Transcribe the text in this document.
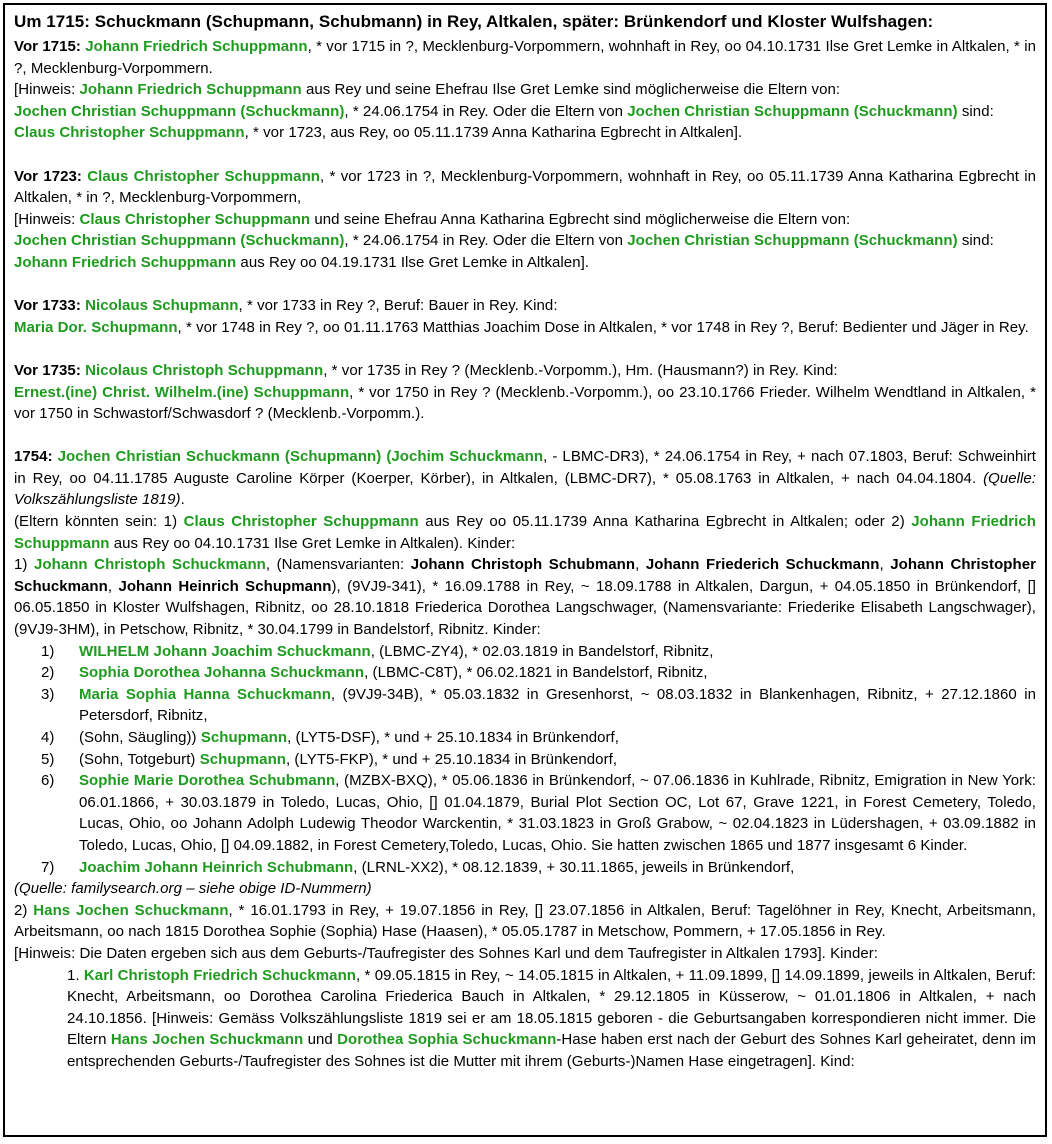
Um 1715: Schuckmann (Schupmann, Schubmann) in Rey, Altkalen, später: Brünkendorf und Kloster Wulfshagen:
Vor 1715: Johann Friedrich Schuppmann, * vor 1715 in ?, Mecklenburg-Vorpommern, wohnhaft in Rey, oo 04.10.1731 Ilse Gret Lemke in Altkalen, * in ?, Mecklenburg-Vorpommern.
[Hinweis: Johann Friedrich Schuppmann aus Rey und seine Ehefrau Ilse Gret Lemke sind möglicherweise die Eltern von:
Jochen Christian Schuppmann (Schuckmann), * 24.06.1754 in Rey. Oder die Eltern von Jochen Christian Schuppmann (Schuckmann) sind:
Claus Christopher Schuppmann, * vor 1723, aus Rey, oo 05.11.1739 Anna Katharina Egbrecht in Altkalen].
Vor 1723: Claus Christopher Schuppmann, * vor 1723 in ?, Mecklenburg-Vorpommern, wohnhaft in Rey, oo 05.11.1739 Anna Katharina Egbrecht in Altkalen, * in ?, Mecklenburg-Vorpommern,
[Hinweis: Claus Christopher Schuppmann und seine Ehefrau Anna Katharina Egbrecht sind möglicherweise die Eltern von:
Jochen Christian Schuppmann (Schuckmann), * 24.06.1754 in Rey. Oder die Eltern von Jochen Christian Schuppmann (Schuckmann) sind:
Johann Friedrich Schuppmann aus Rey oo 04.19.1731 Ilse Gret Lemke in Altkalen].
Vor 1733: Nicolaus Schupmann, * vor 1733 in Rey ?, Beruf: Bauer in Rey. Kind:
Maria Dor. Schupmann, * vor 1748 in Rey ?, oo 01.11.1763 Matthias Joachim Dose in Altkalen, * vor 1748 in Rey ?, Beruf: Bedienter und Jäger in Rey.
Vor 1735: Nicolaus Christoph Schuppmann, * vor 1735 in Rey ? (Mecklenb.-Vorpomm.), Hm. (Hausmann?) in Rey. Kind:
Ernest.(ine) Christ. Wilhelm.(ine) Schuppmann, * vor 1750 in Rey ? (Mecklenb.-Vorpomm.), oo 23.10.1766 Frieder. Wilhelm Wendtland in Altkalen, * vor 1750 in Schwastorf/Schwasdorf ? (Mecklenb.-Vorpomm.).
1754: Jochen Christian Schuckmann (Schupmann) (Jochim Schuckmann, - LBMC-DR3), * 24.06.1754 in Rey, + nach 07.1803, Beruf: Schweinhirt in Rey, oo 04.11.1785 Auguste Caroline Körper (Koerper, Körber), in Altkalen, (LBMC-DR7), * 05.08.1763 in Altkalen, + nach 04.04.1804. (Quelle: Volkszählungsliste 1819).
(Eltern könnten sein: 1) Claus Christopher Schuppmann aus Rey oo 05.11.1739 Anna Katharina Egbrecht in Altkalen; oder 2) Johann Friedrich Schuppmann aus Rey oo 04.10.1731 Ilse Gret Lemke in Altkalen). Kinder:
1) Johann Christoph Schuckmann, (Namensvarianten: Johann Christoph Schubmann, Johann Friederich Schuckmann, Johann Christopher Schuckmann, Johann Heinrich Schupmann), (9VJ9-341), * 16.09.1788 in Rey, ~ 18.09.1788 in Altkalen, Dargun, + 04.05.1850 in Brünkendorf, [] 06.05.1850 in Kloster Wulfshagen, Ribnitz, oo 28.10.1818 Friederica Dorothea Langschwager, (Namensvariante: Friederike Elisabeth Langschwager), (9VJ9-3HM), in Petschow, Ribnitz, * 30.04.1799 in Bandelstorf, Ribnitz. Kinder:
1) WILHELM Johann Joachim Schuckmann, (LBMC-ZY4), * 02.03.1819 in Bandelstorf, Ribnitz,
2) Sophia Dorothea Johanna Schuckmann, (LBMC-C8T), * 06.02.1821 in Bandelstorf, Ribnitz,
3) Maria Sophia Hanna Schuckmann, (9VJ9-34B), * 05.03.1832 in Gresenhorst, ~ 08.03.1832 in Blankenhagen, Ribnitz, + 27.12.1860 in Petersdorf, Ribnitz,
4) (Sohn, Säugling)) Schupmann, (LYT5-DSF), * und + 25.10.1834 in Brünkendorf,
5) (Sohn, Totgeburt) Schupmann, (LYT5-FKP), * und + 25.10.1834 in Brünkendorf,
6) Sophie Marie Dorothea Schubmann, (MZBX-BXQ), * 05.06.1836 in Brünkendorf, ~ 07.06.1836 in Kuhlrade, Ribnitz, Emigration in New York: 06.01.1866, + 30.03.1879 in Toledo, Lucas, Ohio, [] 01.04.1879, Burial Plot Section OC, Lot 67, Grave 1221, in Forest Cemetery, Toledo, Lucas, Ohio, oo Johann Adolph Ludewig Theodor Warckentin, * 31.03.1823 in Groß Grabow, ~ 02.04.1823 in Lüdershagen, + 03.09.1882 in Toledo, Lucas, Ohio, [] 04.09.1882, in Forest Cemetery,Toledo, Lucas, Ohio. Sie hatten zwischen 1865 und 1877 insgesamt 6 Kinder.
7) Joachim Johann Heinrich Schubmann, (LRNL-XX2), * 08.12.1839, + 30.11.1865, jeweils in Brünkendorf,
(Quelle: familysearch.org – siehe obige ID-Nummern)
2) Hans Jochen Schuckmann, * 16.01.1793 in Rey, + 19.07.1856 in Rey, [] 23.07.1856 in Altkalen, Beruf: Tagelöhner in Rey, Knecht, Arbeitsmann, Arbeitsmann, oo nach 1815 Dorothea Sophie (Sophia) Hase (Haasen), * 05.05.1787 in Metschow, Pommern, + 17.05.1856 in Rey.
[Hinweis: Die Daten ergeben sich aus dem Geburts-/Taufregister des Sohnes Karl und dem Taufregister in Altkalen 1793]. Kinder:
1. Karl Christoph Friedrich Schuckmann, * 09.05.1815 in Rey, ~ 14.05.1815 in Altkalen, + 11.09.1899, [] 14.09.1899, jeweils in Altkalen, Beruf: Knecht, Arbeitsmann, oo Dorothea Carolina Friederica Bauch in Altkalen, * 29.12.1805 in Küsserow, ~ 01.01.1806 in Altkalen, + nach 24.10.1856. [Hinweis: Gemäss Volkszählungsliste 1819 sei er am 18.05.1815 geboren - die Geburtsangaben korrespondieren nicht immer. Die Eltern Hans Jochen Schuckmann und Dorothea Sophia Schuckmann-Hase haben erst nach der Geburt des Sohnes Karl geheiratet, denn im entsprechenden Geburts-/Taufregister des Sohnes ist die Mutter mit ihrem (Geburts-)Namen Hase eingetragen]. Kind:
